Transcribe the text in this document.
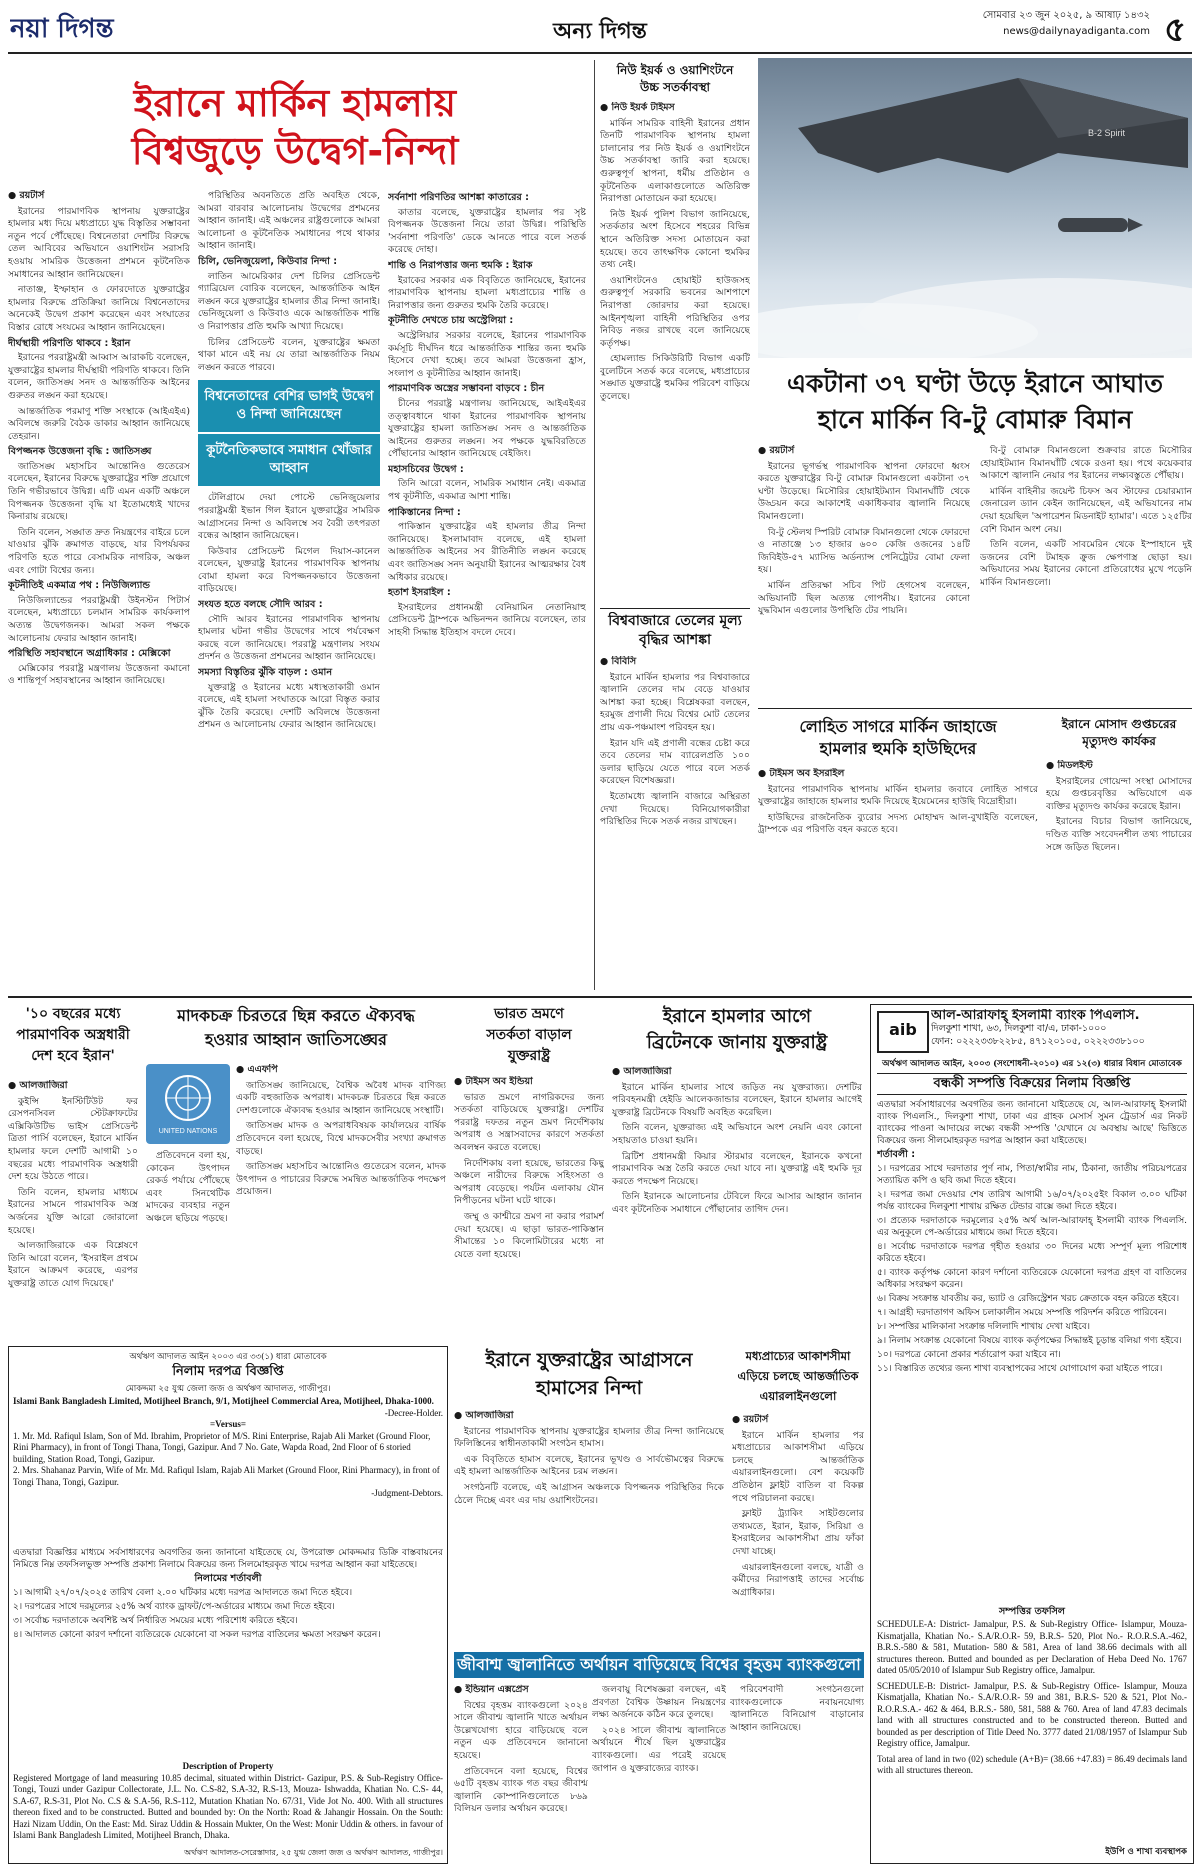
নয়া দিগন্ত	অন্য দিগন্ত
সোমবার ২৩ জুন ২০২৫, ৯ আষাঢ় ১৪৩২
news@dailynayadiganta.com ৫
ইরানে মার্কিন হামলায়
বিশ্বজুড়ে উদ্বেগ-নিন্দা
● রয়টার্স

ইরানের পারমাণবিক স্থাপনায় যুক্তরাষ্ট্রের হামলার মধ্য দিয়ে মধ্যপ্রাচ্যে যুদ্ধ বিস্তৃতির সম্ভাবনা নতুন পর্বে পৌঁছেছে। বিশ্বনেতারা দেশটির বিরুদ্ধে তেল আবিবের অভিযানে ওয়াশিংটন সরাসরি হওয়ায় সামরিক উত্তেজনা প্রশমনে কূটনৈতিক সমাধানের আহ্বান জানিয়েছেন।

নাতাঞ্জ, ইস্ফাহান ও ফোরদোতে যুক্তরাষ্ট্রের হামলার বিরুদ্ধে প্রতিক্রিয়া জানিয়ে বিশ্বনেতাদের অনেকেই উদ্বেগ প্রকাশ করেছেন এবং সংঘাতের বিস্তার রোধে সংযমের আহ্বান জানিয়েছেন।

দীর্ঘস্থায়ী পরিণতি থাকবে : ইরান

ইরানের পররাষ্ট্রমন্ত্রী আব্বাস আরাকচি বলেছেন, যুক্তরাষ্ট্রের হামলার দীর্ঘস্থায়ী পরিণতি থাকবে। তিনি বলেন, জাতিসঙ্ঘ সনদ ও আন্তর্জাতিক আইনের গুরুতর লঙ্ঘন করা হয়েছে।

আন্তর্জাতিক পরমাণু শক্তি সংস্থাকে (আইএইএ) অবিলম্বে জরুরি বৈঠক ডাকার আহ্বান জানিয়েছে তেহরান।

বিপজ্জনক উত্তেজনা বৃদ্ধি : জাতিসঙ্ঘ

জাতিসঙ্ঘ মহাসচিব আন্তোনিও গুতেরেস বলেছেন, ইরানের বিরুদ্ধে যুক্তরাষ্ট্রের শক্তি প্রয়োগে তিনি গভীরভাবে উদ্বিগ্ন। এটি এমন একটি অঞ্চলে বিপজ্জনক উত্তেজনা বৃদ্ধি যা ইতোমধ্যেই খাদের কিনারায় রয়েছে।

তিনি বলেন, সঙ্ঘাত দ্রুত নিয়ন্ত্রণের বাইরে চলে যাওয়ার ঝুঁকি ক্রমাগত বাড়ছে, যার বিপর্যয়কর পরিণতি হতে পারে বেসামরিক নাগরিক, অঞ্চল এবং গোটা বিশ্বের জন্য।

কূটনীতিই একমাত্র পথ : নিউজিল্যান্ড

নিউজিল্যান্ডের পররাষ্ট্রমন্ত্রী উইনস্টন পিটার্স বলেছেন, মধ্যপ্রাচ্যে চলমান সামরিক কার্যকলাপ অত্যন্ত উদ্বেগজনক। আমরা সকল পক্ষকে আলোচনায় ফেরার আহ্বান জানাই।

পরিস্থিতি সহাবস্থানে অগ্রাধিকার : মেক্সিকো

মেক্সিকোর পররাষ্ট্র মন্ত্রণালয় উত্তেজনা কমানো ও শান্তিপূর্ণ সহাবস্থানের আহ্বান জানিয়েছে।

পরিস্থিতির অবনতিতে প্রতি অবহিত থেকে, আমরা বারবার আলোচনায় উদ্বেগের প্রশমনের আহ্বান জানাই। এই অঞ্চলের রাষ্ট্রগুলোকে আমরা আলোচনা ও কূটনৈতিক সমাধানের পথে থাকার আহ্বান জানাই।

চিলি, ভেনিজুয়েলা, কিউবার নিন্দা :

লাতিন আমেরিকার দেশ চিলির প্রেসিডেন্ট গ্যাব্রিয়েল বোরিক বলেছেন, আন্তর্জাতিক আইন লঙ্ঘন করে যুক্তরাষ্ট্রের হামলার তীব্র নিন্দা জানাই। ভেনিজুয়েলা ও কিউবাও একে আন্তর্জাতিক শান্তি ও নিরাপত্তার প্রতি হুমকি আখ্যা দিয়েছে।

চিলির প্রেসিডেন্ট বলেন, যুক্তরাষ্ট্রের ক্ষমতা থাকা মানে এই নয় যে তারা আন্তর্জাতিক নিয়ম লঙ্ঘন করতে পারবে।

বিশ্বনেতাদের বেশির ভাগই উদ্বেগ ও নিন্দা জানিয়েছেন
কূটনৈতিকভাবে সমাধান খোঁজার আহ্বান

টেলিগ্রামে দেয়া পোস্টে ভেনিজুয়েলার পররাষ্ট্রমন্ত্রী ইভান গিল ইরানে যুক্তরাষ্ট্রের সামরিক আগ্রাসনের নিন্দা ও অবিলম্বে সব বৈরী তৎপরতা বন্ধের আহ্বান জানিয়েছেন।

কিউবার প্রেসিডেন্ট মিগেল দিয়াস-কানেল বলেছেন, যুক্তরাষ্ট্র ইরানের পারমাণবিক স্থাপনায় বোমা হামলা করে বিপজ্জনকভাবে উত্তেজনা বাড়িয়েছে।

সংযত হতে বলছে সৌদি আরব :

সৌদি আরব ইরানের পারমাণবিক স্থাপনায় হামলার ঘটনা গভীর উদ্বেগের সাথে পর্যবেক্ষণ করছে বলে জানিয়েছে। পররাষ্ট্র মন্ত্রণালয় সংযম প্রদর্শন ও উত্তেজনা প্রশমনের আহ্বান জানিয়েছে।

সমস্যা বিস্তৃতির ঝুঁকি বাড়ল : ওমান

যুক্তরাষ্ট্র ও ইরানের মধ্যে মধ্যস্থতাকারী ওমান বলেছে, এই হামলা সংঘাতকে আরো বিস্তৃত করার ঝুঁকি তৈরি করেছে। দেশটি অবিলম্বে উত্তেজনা প্রশমন ও আলোচনায় ফেরার আহ্বান জানিয়েছে।

সর্বনাশা পরিণতির আশঙ্কা কাতারের :

কাতার বলেছে, যুক্তরাষ্ট্রের হামলার পর সৃষ্ট বিপজ্জনক উত্তেজনা নিয়ে তারা উদ্বিগ্ন। পরিস্থিতি 'সর্বনাশা পরিণতি' ডেকে আনতে পারে বলে সতর্ক করেছে দোহা।

শান্তি ও নিরাপত্তার জন্য হুমকি : ইরাক

ইরাকের সরকার এক বিবৃতিতে জানিয়েছে, ইরানের পারমাণবিক স্থাপনায় হামলা মধ্যপ্রাচ্যের শান্তি ও নিরাপত্তার জন্য গুরুতর হুমকি তৈরি করেছে।

কূটনীতি দেখতে চায় অস্ট্রেলিয়া :

অস্ট্রেলিয়ার সরকার বলেছে, ইরানের পারমাণবিক কর্মসূচি দীর্ঘদিন ধরে আন্তর্জাতিক শান্তির জন্য হুমকি হিসেবে দেখা হচ্ছে। তবে আমরা উত্তেজনা হ্রাস, সংলাপ ও কূটনীতির আহ্বান জানাই।

পারমাণবিক অস্ত্রের সম্ভাবনা বাড়বে : চীন

চীনের পররাষ্ট্র মন্ত্রণালয় জানিয়েছে, আইএইএর তত্ত্বাবধানে থাকা ইরানের পারমাণবিক স্থাপনায় যুক্তরাষ্ট্রের হামলা জাতিসঙ্ঘ সনদ ও আন্তর্জাতিক আইনের গুরুতর লঙ্ঘন। সব পক্ষকে যুদ্ধবিরতিতে পৌঁছানোর আহ্বান জানিয়েছে বেইজিং।

মহাসচিবের উদ্বেগ :

তিনি আরো বলেন, সামরিক সমাধান নেই। একমাত্র পথ কূটনীতি, একমাত্র আশা শান্তি।

পাকিস্তানের নিন্দা :

পাকিস্তান যুক্তরাষ্ট্রের এই হামলার তীব্র নিন্দা জানিয়েছে। ইসলামাবাদ বলেছে, এই হামলা আন্তর্জাতিক আইনের সব রীতিনীতি লঙ্ঘন করেছে এবং জাতিসঙ্ঘ সনদ অনুযায়ী ইরানের আত্মরক্ষার বৈধ অধিকার রয়েছে।

হতাশ ইসরাইল :

ইসরাইলের প্রধানমন্ত্রী বেনিয়ামিন নেতানিয়াহু প্রেসিডেন্ট ট্রাম্পকে অভিনন্দন জানিয়ে বলেছেন, তার সাহসী সিদ্ধান্ত ইতিহাস বদলে দেবে।

নিউ ইয়র্ক ও ওয়াশিংটনে
উচ্চ সতর্কাবস্থা
● নিউ ইয়র্ক টাইমস

মার্কিন সামরিক বাহিনী ইরানের প্রধান তিনটি পারমাণবিক স্থাপনায় হামলা চালানোর পর নিউ ইয়র্ক ও ওয়াশিংটনে উচ্চ সতর্কাবস্থা জারি করা হয়েছে। গুরুত্বপূর্ণ স্থাপনা, ধর্মীয় প্রতিষ্ঠান ও কূটনৈতিক এলাকাগুলোতে অতিরিক্ত নিরাপত্তা মোতায়েন করা হয়েছে।

নিউ ইয়র্ক পুলিশ বিভাগ জানিয়েছে, সতর্কতার অংশ হিসেবে শহরের বিভিন্ন স্থানে অতিরিক্ত সদস্য মোতায়েন করা হয়েছে। তবে তাৎক্ষণিক কোনো হুমকির তথ্য নেই।

ওয়াশিংটনেও হোয়াইট হাউজসহ গুরুত্বপূর্ণ সরকারি ভবনের আশপাশে নিরাপত্তা জোরদার করা হয়েছে। আইনশৃঙ্খলা বাহিনী পরিস্থিতির ওপর নিবিড় নজর রাখছে বলে জানিয়েছে কর্তৃপক্ষ।

হোমল্যান্ড সিকিউরিটি বিভাগ একটি বুলেটিনে সতর্ক করে বলেছে, মধ্যপ্রাচ্যের সঙ্ঘাত যুক্তরাষ্ট্রে হুমকির পরিবেশ বাড়িয়ে তুলেছে।

B-2 Spirit
একটানা ৩৭ ঘণ্টা উড়ে ইরানে আঘাত
হানে মার্কিন বি-টু বোমারু বিমান
● রয়টার্স

ইরানের ভূগর্ভস্থ পারমাণবিক স্থাপনা ফোরদো ধ্বংস করতে যুক্তরাষ্ট্রের বি-টু বোমারু বিমানগুলো একটানা ৩৭ ঘণ্টা উড়েছে। মিসৌরির হোয়াইটম্যান বিমানঘাঁটি থেকে উড্ডয়ন করে আকাশেই একাধিকবার জ্বালানি নিয়েছে বিমানগুলো।

বি-টু স্টেলথ স্পিরিট বোমারু বিমানগুলো থেকে ফোরদো ও নাতাঞ্জে ১৩ হাজার ৬০০ কেজি ওজনের ১৪টি জিবিইউ-৫৭ ম্যাসিভ অর্ডন্যান্স পেনিট্রেটর বোমা ফেলা হয়।

মার্কিন প্রতিরক্ষা সচিব পিট হেগসেথ বলেছেন, অভিযানটি ছিল অত্যন্ত গোপনীয়। ইরানের কোনো যুদ্ধবিমান এগুলোর উপস্থিতি টের পায়নি।

বি-টু বোমারু বিমানগুলো শুক্রবার রাতে মিসৌরির হোয়াইটম্যান বিমানঘাঁটি থেকে রওনা হয়। পথে কয়েকবার আকাশে জ্বালানি নেয়ার পর ইরানের লক্ষ্যবস্তুতে পৌঁছায়।

মার্কিন বাহিনীর জয়েন্ট চিফস অব স্টাফের চেয়ারম্যান জেনারেল ড্যান কেইন জানিয়েছেন, এই অভিযানের নাম দেয়া হয়েছিল 'অপারেশন মিডনাইট হ্যামার'। এতে ১২৫টির বেশি বিমান অংশ নেয়।

তিনি বলেন, একটি সাবমেরিন থেকে ইস্পাহানে দুই ডজনের বেশি টমাহক ক্রুজ ক্ষেপণাস্ত্র ছোড়া হয়। অভিযানের সময় ইরানের কোনো প্রতিরোধের মুখে পড়েনি মার্কিন বিমানগুলো।

বিশ্ববাজারে তেলের মূল্য বৃদ্ধির আশঙ্কা
● বিবিসি

ইরানে মার্কিন হামলার পর বিশ্ববাজারে জ্বালানি তেলের দাম বেড়ে যাওয়ার আশঙ্কা করা হচ্ছে। বিশ্লেষকরা বলছেন, হরমুজ প্রণালী দিয়ে বিশ্বের মোট তেলের প্রায় এক-পঞ্চমাংশ পরিবহন হয়।

ইরান যদি এই প্রণালী বন্ধের চেষ্টা করে তবে তেলের দাম ব্যারেলপ্রতি ১০০ ডলার ছাড়িয়ে যেতে পারে বলে সতর্ক করেছেন বিশেষজ্ঞরা।

ইতোমধ্যে জ্বালানি বাজারে অস্থিরতা দেখা দিয়েছে। বিনিয়োগকারীরা পরিস্থিতির দিকে সতর্ক নজর রাখছেন।

লোহিত সাগরে মার্কিন জাহাজে
হামলার হুমকি হাউছিদের
● টাইমস অব ইসরাইল

ইরানের পারমাণবিক স্থাপনায় মার্কিন হামলার জবাবে লোহিত সাগরে যুক্তরাষ্ট্রের জাহাজে হামলার হুমকি দিয়েছে ইয়েমেনের হাউছি বিদ্রোহীরা।

হাউছিদের রাজনৈতিক ব্যুরোর সদস্য মোহাম্মদ আল-বুখাইতি বলেছেন, ট্রাম্পকে এর পরিণতি বহন করতে হবে।

ইরানে মোসাদ গুপ্তচরের
মৃত্যুদণ্ড কার্যকর
● মিডলইস্ট

ইসরাইলের গোয়েন্দা সংস্থা মোসাদের হয়ে গুপ্তচরবৃত্তির অভিযোগে এক ব্যক্তির মৃত্যুদণ্ড কার্যকর করেছে ইরান।

ইরানের বিচার বিভাগ জানিয়েছে, দণ্ডিত ব্যক্তি সংবেদনশীল তথ্য পাচারের সঙ্গে জড়িত ছিলেন।

'১০ বছরের মধ্যে
পারমাণবিক অস্ত্রধারী
দেশ হবে ইরান'
● আলজাজিরা

কুইন্সি ইনস্টিটিউট ফর রেসপনসিবল স্টেটক্রাফটের এক্সিকিউটিভ ভাইস প্রেসিডেন্ট ত্রিতা পার্সি বলেছেন, ইরানে মার্কিন হামলার ফলে দেশটি আগামী ১০ বছরের মধ্যে পারমাণবিক অস্ত্রধারী দেশ হয়ে উঠতে পারে।

তিনি বলেন, হামলার মাধ্যমে ইরানের সামনে পারমাণবিক অস্ত্র অর্জনের যুক্তি আরো জোরালো হয়েছে।

আলজাজিরাকে এক বিশ্লেষণে তিনি আরো বলেন, 'ইসরাইল প্রথমে ইরানে আক্রমণ করেছে, এরপর যুক্তরাষ্ট্র তাতে যোগ দিয়েছে।'

মাদকচক্র চিরতরে ছিন্ন করতে ঐক্যবদ্ধ
হওয়ার আহ্বান জাতিসঙ্ঘের
UNITED NATIONS
● এএফপি

জাতিসঙ্ঘ জানিয়েছে, বৈশ্বিক অবৈধ মাদক বাণিজ্য একটি বহুজাতিক অপরাধ। মাদকচক্র চিরতরে ছিন্ন করতে দেশগুলোকে ঐক্যবদ্ধ হওয়ার আহ্বান জানিয়েছে সংস্থাটি।

জাতিসঙ্ঘ মাদক ও অপরাধবিষয়ক কার্যালয়ের বার্ষিক প্রতিবেদনে বলা হয়েছে, বিশ্বে মাদকসেবীর সংখ্যা ক্রমাগত বাড়ছে।

জাতিসঙ্ঘ মহাসচিব আন্তোনিও গুতেরেস বলেন, মাদক উৎপাদন ও পাচারের বিরুদ্ধে সমন্বিত আন্তর্জাতিক পদক্ষেপ প্রয়োজন।

প্রতিবেদনে বলা হয়, কোকেন উৎপাদন রেকর্ড পর্যায়ে পৌঁছেছে এবং সিনথেটিক মাদকের ব্যবহার নতুন অঞ্চলে ছড়িয়ে পড়ছে।

ভারত ভ্রমণে
সতর্কতা বাড়াল
যুক্তরাষ্ট্র
● টাইমস অব ইন্ডিয়া

ভারত ভ্রমণে নাগরিকদের জন্য সতর্কতা বাড়িয়েছে যুক্তরাষ্ট্র। দেশটির পররাষ্ট্র দফতর নতুন ভ্রমণ নির্দেশিকায় অপরাধ ও সন্ত্রাসবাদের কারণে সতর্কতা অবলম্বন করতে বলেছে।

নির্দেশিকায় বলা হয়েছে, ভারতের কিছু অঞ্চলে নারীদের বিরুদ্ধে সহিংসতা ও অপরাধ বেড়েছে। পর্যটন এলাকায় যৌন নিপীড়নের ঘটনা ঘটে থাকে।

জম্মু ও কাশ্মীরে ভ্রমণ না করার পরামর্শ দেয়া হয়েছে। এ ছাড়া ভারত-পাকিস্তান সীমান্তের ১০ কিলোমিটারের মধ্যে না যেতে বলা হয়েছে।

ইরানে হামলার আগে
ব্রিটেনকে জানায় যুক্তরাষ্ট্র
● আলজাজিরা

ইরানে মার্কিন হামলার সাথে জড়িত নয় যুক্তরাজ্য। দেশটির পরিবহনমন্ত্রী হেইডি আলেকজান্ডার বলেছেন, ইরানে হামলার আগেই যুক্তরাষ্ট্র ব্রিটেনকে বিষয়টি অবহিত করেছিল।

তিনি বলেন, যুক্তরাজ্য এই অভিযানে অংশ নেয়নি এবং কোনো সহায়তাও চাওয়া হয়নি।

ব্রিটিশ প্রধানমন্ত্রী কিয়ার স্টারমার বলেছেন, ইরানকে কখনো পারমাণবিক অস্ত্র তৈরি করতে দেয়া যাবে না। যুক্তরাষ্ট্র এই হুমকি দূর করতে পদক্ষেপ নিয়েছে।

তিনি ইরানকে আলোচনার টেবিলে ফিরে আসার আহ্বান জানান এবং কূটনৈতিক সমাধানে পৌঁছানোর তাগিদ দেন।

aib
আল-আরাফাহ্ ইসলামী ব্যাংক পিএলসি.
দিলকুশা শাখা, ৬৩, দিলকুশা বা/এ, ঢাকা-১০০০
ফোন: ০২২২৩৩৮২২৮৫, ৪৭১২০১০৫, ০২২২৩৩৮১০০
অর্থঋণ আদালত আইন, ২০০৩ (সংশোধনী-২০১০) এর ১২(৩) ধারার বিধান মোতাবেক
বন্ধকী সম্পত্তি বিক্রয়ের নিলাম বিজ্ঞপ্তি

এতদ্বারা সর্বসাধারণের অবগতির জন্য জানানো যাইতেছে যে, আল-আরাফাহ্ ইসলামী ব্যাংক পিএলসি., দিলকুশা শাখা, ঢাকা এর গ্রাহক মেসার্স সুমন ট্রেডার্স এর নিকট ব্যাংকের পাওনা আদায়ের লক্ষ্যে বন্ধকী সম্পত্তি 'যেখানে যে অবস্থায় আছে' ভিত্তিতে বিক্রয়ের জন্য সীলমোহরকৃত দরপত্র আহ্বান করা যাইতেছে।

শর্তাবলী :

১। দরপত্রের সাথে দরদাতার পূর্ণ নাম, পিতা/স্বামীর নাম, ঠিকানা, জাতীয় পরিচয়পত্রের সত্যায়িত কপি ও ছবি জমা দিতে হইবে।

২। দরপত্র জমা দেওয়ার শেষ তারিখ আগামী ১৬/০৭/২০২৫ইং বিকাল ৩.০০ ঘটিকা পর্যন্ত ব্যাংকের দিলকুশা শাখায় রক্ষিত টেন্ডার বাক্সে জমা দিতে হইবে।

৩। প্রত্যেক দরদাতাকে দরমূল্যের ২৫% অর্থ আল-আরাফাহ্ ইসলামী ব্যাংক পিএলসি. এর অনুকূলে পে-অর্ডারের মাধ্যমে জমা দিতে হইবে।

৪। সর্বোচ্চ দরদাতাকে দরপত্র গৃহীত হওয়ার ৩০ দিনের মধ্যে সম্পূর্ণ মূল্য পরিশোধ করিতে হইবে।

৫। ব্যাংক কর্তৃপক্ষ কোনো কারণ দর্শানো ব্যতিরেকে যেকোনো দরপত্র গ্রহণ বা বাতিলের অধিকার সংরক্ষণ করেন।

৬। বিক্রয় সংক্রান্ত যাবতীয় কর, ভ্যাট ও রেজিস্ট্রেশন খরচ ক্রেতাকে বহন করিতে হইবে।

৭। আগ্রহী দরদাতাগণ অফিস চলাকালীন সময়ে সম্পত্তি পরিদর্শন করিতে পারিবেন।

৮। সম্পত্তির মালিকানা সংক্রান্ত দলিলাদি শাখায় দেখা যাইবে।

৯। নিলাম সংক্রান্ত যেকোনো বিষয়ে ব্যাংক কর্তৃপক্ষের সিদ্ধান্তই চূড়ান্ত বলিয়া গণ্য হইবে।

১০। দরপত্রে কোনো প্রকার শর্তারোপ করা যাইবে না।

১১। বিস্তারিত তথ্যের জন্য শাখা ব্যবস্থাপকের সাথে যোগাযোগ করা যাইতে পারে।

সম্পত্তির তফসিল

SCHEDULE-A: District- Jamalpur, P.S. & Sub-Registry Office- Islampur, Mouza-Kismatjalla, Khatian No.- S.A/R.O.R- 59, B.R.S- 520, Plot No.- R.O.R.S.A.-462, B.R.S.-580 & 581, Mutation- 580 & 581, Area of land 38.66 decimals with all structures thereon. Butted and bounded as per Declaration of Heba Deed No. 1767 dated 05/05/2010 of Islampur Sub Registry office, Jamalpur.

SCHEDULE-B: District- Jamalpur, P.S. & Sub-Registry Office- Islampur, Mouza Kismatjalla, Khatian No.- S.A/R.O.R- 59 and 381, B.R.S- 520 & 521, Plot No.- R.O.R.S.A.- 462 & 464, B.R.S.- 580, 581, 588 & 760. Area of land 47.83 decimals land with all structures constructed and to be constructed thereon. Butted and bounded as per description of Title Deed No. 3777 dated 21/08/1957 of Islampur Sub Registry office, Jamalpur.

Total area of land in two (02) schedule (A+B)= (38.66 +47.83) = 86.49 decimals land with all structures thereon.

ইউপি ও শাখা ব্যবস্থাপক
অর্থঋণ আদালত আইন ২০০৩ এর ৩৩(১) ধারা মোতাবেক
নিলাম দরপত্র বিজ্ঞপ্তি
মোকদ্দমা ২৫ যুগ্ম জেলা জজ ও অর্থঋণ আদালত, গাজীপুর।
Islami Bank Bangladesh Limited, Motijheel Branch, 9/1, Motijheel Commercial Area, Motijheel, Dhaka-1000.
-Decree-Holder.
=Versus=
1. Mr. Md. Rafiqul Islam, Son of Md. Ibrahim, Proprietor of M/S. Rini Enterprise, Rajab Ali Market (Ground Floor, Rini Pharmacy), in front of Tongi Thana, Tongi, Gazipur. And 7 No. Gate, Wapda Road, 2nd Floor of 6 storied building, Station Road, Tongi, Gazipur.
2. Mrs. Shahanaz Parvin, Wife of Mr. Md. Rafiqul Islam, Rajab Ali Market (Ground Floor, Rini Pharmacy), in front of Tongi Thana, Tongi, Gazipur.
-Judgment-Debtors.

এতদ্বারা বিজ্ঞপ্তির মাধ্যমে সর্বসাধারণের অবগতির জন্য জানানো যাইতেছে যে, উপরোক্ত মোকদ্দমার ডিক্রি বাস্তবায়নের নিমিত্তে নিম্ন তফসিলভুক্ত সম্পত্তি প্রকাশ্য নিলামে বিক্রয়ের জন্য সিলমোহরকৃত খামে দরপত্র আহ্বান করা যাইতেছে।

নিলামের শর্তাবলী

১। আগামী ২৭/০৭/২০২৫ তারিখ বেলা ২.০০ ঘটিকার মধ্যে দরপত্র আদালতে জমা দিতে হইবে।

২। দরপত্রের সাথে দরমূল্যের ২৫% অর্থ ব্যাংক ড্রাফট/পে-অর্ডারের মাধ্যমে জমা দিতে হইবে।

৩। সর্বোচ্চ দরদাতাকে অবশিষ্ট অর্থ নির্ধারিত সময়ের মধ্যে পরিশোধ করিতে হইবে।

৪। আদালত কোনো কারণ দর্শানো ব্যতিরেকে যেকোনো বা সকল দরপত্র বাতিলের ক্ষমতা সংরক্ষণ করেন।

Description of Property
Registered Mortgage of land measuring 10.85 decimal, situated within District- Gazipur, P.S. & Sub-Registry Office- Tongi, Touzi under Gazipur Collectorate, J.L. No. C.S-82, S.A-32, R.S-13, Mouza- Ishwadda, Khatian No. C.S- 44, S.A-67, R.S-31, Plot No. C.S & S.A-56, R.S-112, Mutation Khatian No. 67/31, Vide Jot No. 400. With all structures thereon fixed and to be constructed. Butted and bounded by: On the North: Road & Jahangir Hossain. On the South: Hazi Nizam Uddin, On the East: Md. Siraz Uddin & Hossain Mukter, On the West: Monir Uddin & others. in favour of Islami Bank Bangladesh Limited, Motijheel Branch, Dhaka.
অর্থঋণ আদালত-সেরেস্তাদার, ২৫ যুগ্ম জেলা জজ ও অর্থঋণ আদালত, গাজীপুর।
ইরানে যুক্তরাষ্ট্রের আগ্রাসনে
হামাসের নিন্দা
● আলজাজিরা

ইরানের পারমাণবিক স্থাপনায় যুক্তরাষ্ট্রের হামলার তীব্র নিন্দা জানিয়েছে ফিলিস্তিনের স্বাধীনতাকামী সংগঠন হামাস।

এক বিবৃতিতে হামাস বলেছে, ইরানের ভূখণ্ড ও সার্বভৌমত্বের বিরুদ্ধে এই হামলা আন্তর্জাতিক আইনের চরম লঙ্ঘন।

সংগঠনটি বলেছে, এই আগ্রাসন অঞ্চলকে বিপজ্জনক পরিস্থিতির দিকে ঠেলে দিচ্ছে এবং এর দায় ওয়াশিংটনের।

মধ্যপ্রাচ্যের আকাশসীমা
এড়িয়ে চলছে আন্তর্জাতিক
এয়ারলাইনগুলো
● রয়টার্স

ইরানে মার্কিন হামলার পর মধ্যপ্রাচ্যের আকাশসীমা এড়িয়ে চলছে আন্তর্জাতিক এয়ারলাইনগুলো। বেশ কয়েকটি প্রতিষ্ঠান ফ্লাইট বাতিল বা বিকল্প পথে পরিচালনা করছে।

ফ্লাইট ট্র্যাকিং সাইটগুলোর তথ্যমতে, ইরান, ইরাক, সিরিয়া ও ইসরাইলের আকাশসীমা প্রায় ফাঁকা দেখা যাচ্ছে।

এয়ারলাইনগুলো বলছে, যাত্রী ও কর্মীদের নিরাপত্তাই তাদের সর্বোচ্চ অগ্রাধিকার।

জীবাশ্ম জ্বালানিতে অর্থায়ন বাড়িয়েছে বিশ্বের বৃহত্তম ব্যাংকগুলো
● ইন্ডিয়ান এক্সপ্রেস

বিশ্বের বৃহত্তম ব্যাংকগুলো ২০২৪ সালে জীবাশ্ম জ্বালানি খাতে অর্থায়ন উল্লেখযোগ্য হারে বাড়িয়েছে বলে নতুন এক প্রতিবেদনে জানানো হয়েছে।

প্রতিবেদনে বলা হয়েছে, বিশ্বের ৬৫টি বৃহত্তম ব্যাংক গত বছর জীবাশ্ম জ্বালানি কোম্পানিগুলোতে ৮৬৯ বিলিয়ন ডলার অর্থায়ন করেছে।

জলবায়ু বিশেষজ্ঞরা বলছেন, এই প্রবণতা বৈশ্বিক উষ্ণায়ন নিয়ন্ত্রণের লক্ষ্য অর্জনকে কঠিন করে তুলছে।

২০২৪ সালে জীবাশ্ম জ্বালানিতে অর্থায়নে শীর্ষে ছিল যুক্তরাষ্ট্রের ব্যাংকগুলো। এর পরেই রয়েছে জাপান ও যুক্তরাজ্যের ব্যাংক।

পরিবেশবাদী সংগঠনগুলো ব্যাংকগুলোকে নবায়নযোগ্য জ্বালানিতে বিনিয়োগ বাড়ানোর আহ্বান জানিয়েছে।
